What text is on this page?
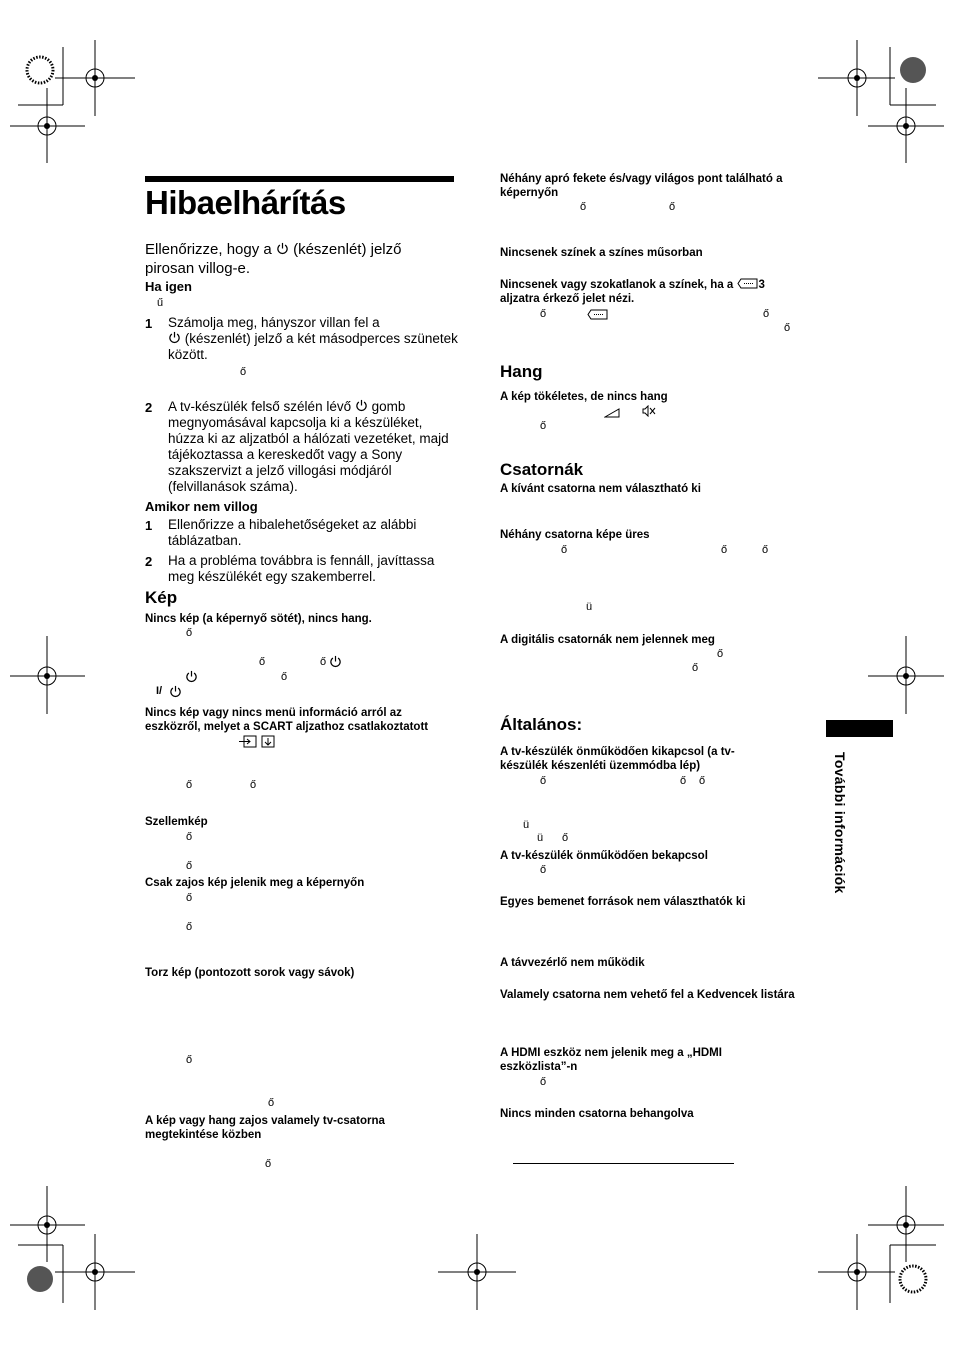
Hibaelhárítás
Ellenőrizze, hogy a (készenlét) jelző pirosan villog-e.
Ha igen
ű
1 Számolja meg, hányszor villan fel a
(készenlét) jelző a két másodperces szünetek között.
ő
2 A tv-készülék felső szélén lévő gomb megnyomásával kapcsolja ki a készüléket, húzza ki az aljzatból a hálózati vezetéket, majd tájékoztassa a kereskedőt vagy a Sony szakszervizt a jelző villogási módjáról (felvillanások száma).
Amikor nem villog
1 Ellenőrizze a hibalehetőségeket az alábbi táblázatban.
2 Ha a probléma továbbra is fennáll, javíttassa meg készülékét egy szakemberrel.
Kép
Nincs kép (a képernyő sötét), nincs hang.
ő
ő	ő
ő
I/
Nincs kép vagy nincs menü információ arról az eszközről, melyet a SCART aljzathoz csatlakoztatott
ő	ő
Szellemkép
ő
ő
Csak zajos kép jelenik meg a képernyőn
ő
ő
Torz kép (pontozott sorok vagy sávok)
ő
ő
A kép vagy hang zajos valamely tv-csatorna megtekintése közben
ő
Néhány apró fekete és/vagy világos pont található a képernyőn
ő	ő
Nincsenek színek a színes műsorban
Nincsenek vagy szokatlanok a színek, ha a 3
aljzatra érkező jelet nézi.
ő	ő
ő
Hang
A kép tökéletes, de nincs hang
ő
Csatornák
A kívánt csatorna nem választható ki
Néhány csatorna képe üres
ő	ő	ő
ü
A digitális csatornák nem jelennek meg
ő
ő
Általános:
A tv-készülék önműködően kikapcsol (a tv-készülék készenléti üzemmódba lép)
ő	ő ő
ü
ü ő
A tv-készülék önműködően bekapcsol
ő
Egyes bemenet források nem választhatók ki
A távvezérlő nem működik
Valamely csatorna nem vehető fel a Kedvencek listára
A HDMI eszköz nem jelenik meg a „HDMI eszközlista”-n
ő
Nincs minden csatorna behangolva
További információk
